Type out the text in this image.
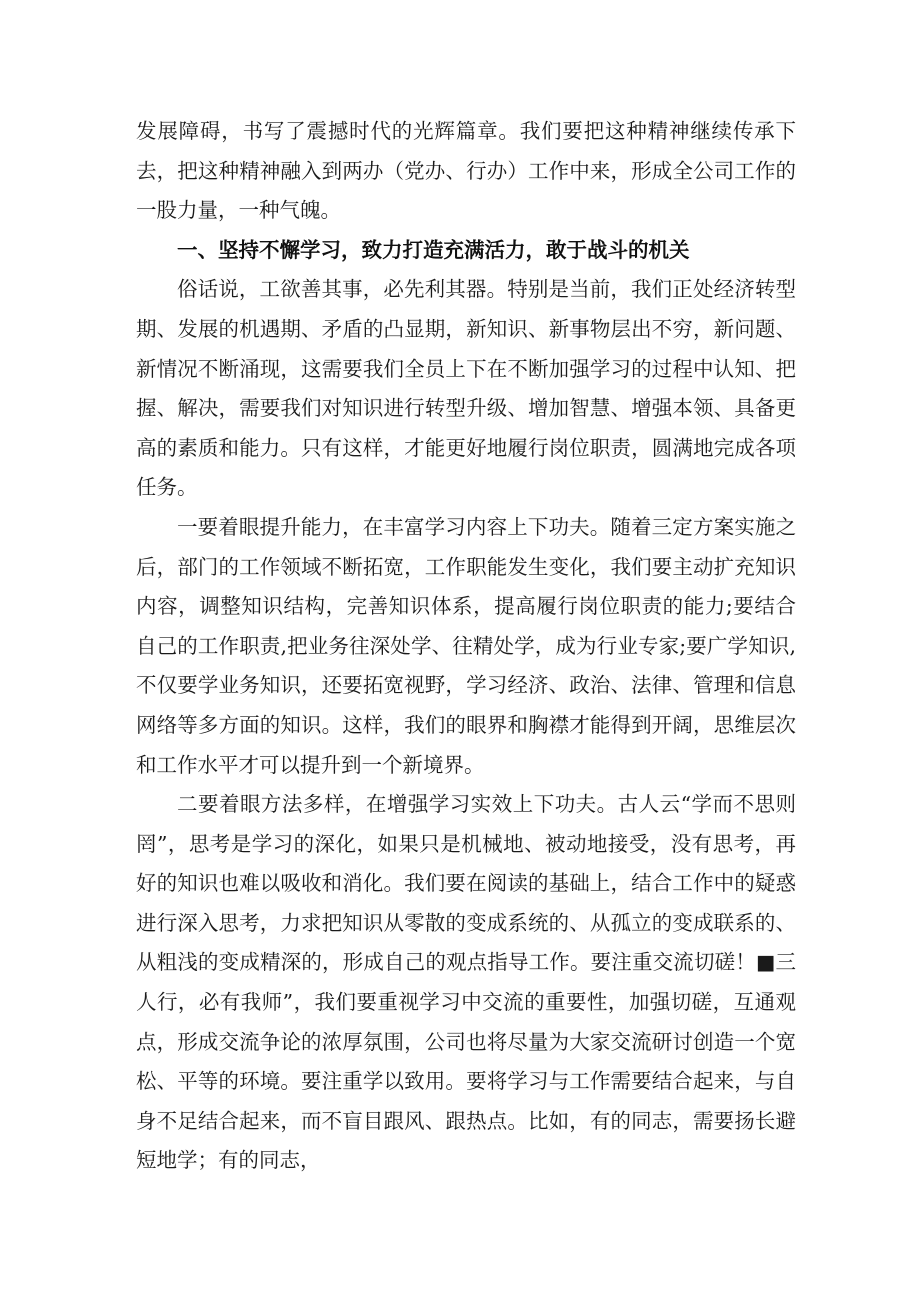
发展障碍，书写了震撼时代的光辉篇章。我们要把这种精神继续传承下去，把这种精神融入到两办（党办、行办）工作中来，形成全公司工作的一股力量，一种气魄。

一、坚持不懈学习，致力打造充满活力，敢于战斗的机关

俗话说，工欲善其事，必先利其器。特别是当前，我们正处经济转型期、发展的机遇期、矛盾的凸显期，新知识、新事物层出不穷，新问题、新情况不断涌现，这需要我们全员上下在不断加强学习的过程中认知、把握、解决，需要我们对知识进行转型升级、增加智慧、增强本领、具备更高的素质和能力。只有这样，才能更好地履行岗位职责，圆满地完成各项任务。

一要着眼提升能力，在丰富学习内容上下功夫。随着三定方案实施之后，部门的工作领域不断拓宽，工作职能发生变化，我们要主动扩充知识内容，调整知识结构，完善知识体系，提高履行岗位职责的能力;要结合自己的工作职责,把业务往深处学、往精处学，成为行业专家;要广学知识,不仅要学业务知识，还要拓宽视野，学习经济、政治、法律、管理和信息网络等多方面的知识。这样，我们的眼界和胸襟才能得到开阔，思维层次和工作水平才可以提升到一个新境界。

二要着眼方法多样，在增强学习实效上下功夫。古人云“学而不思则罔”，思考是学习的深化，如果只是机械地、被动地接受，没有思考，再好的知识也难以吸收和消化。我们要在阅读的基础上，结合工作中的疑惑进行深入思考，力求把知识从零散的变成系统的、从孤立的变成联系的、从粗浅的变成精深的，形成自己的观点指导工作。要注重交流切磋！■三人行，必有我师”，我们要重视学习中交流的重要性，加强切磋，互通观点，形成交流争论的浓厚氛围，公司也将尽量为大家交流研讨创造一个宽松、平等的环境。要注重学以致用。要将学习与工作需要结合起来，与自身不足结合起来，而不盲目跟风、跟热点。比如，有的同志，需要扬长避短地学；有的同志，
